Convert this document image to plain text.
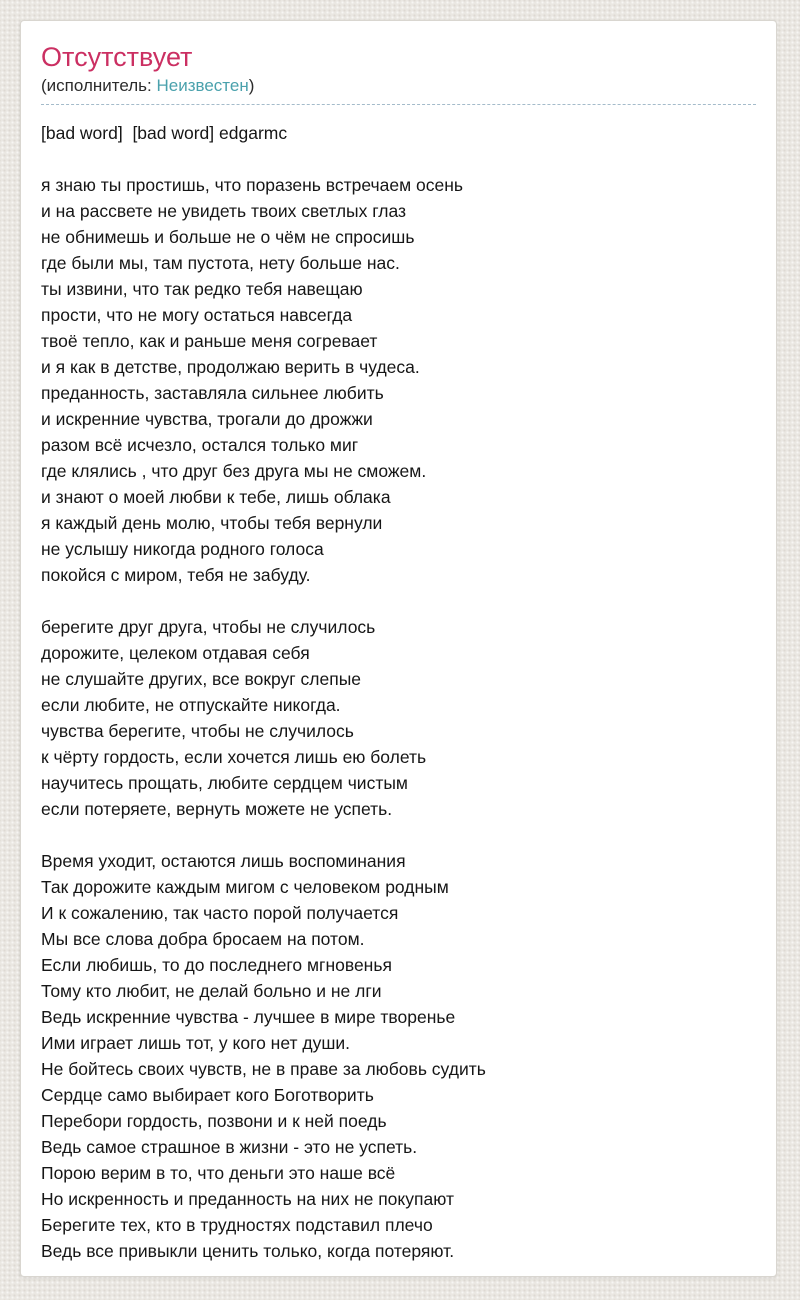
Отсутствует
(исполнитель: Неизвестен)
[bad word]  [bad word] edgarmc
я знаю ты простишь, что поразень встречаем осень
и на рассвете не увидеть твоих светлых глаз
не обнимешь и больше не о чём не спросишь
где были мы, там пустота, нету больше нас.
ты извини, что так редко тебя навещаю
прости, что не могу остаться навсегда
твоё тепло, как и раньше меня согревает
и я как в детстве, продолжаю верить в чудеса.
преданность, заставляла сильнее любить
и искренние чувства, трогали до дрожжи
разом всё исчезло, остался только миг
где клялись , что друг без друга мы не сможем.
и знают о моей любви к тебе, лишь облака
я каждый день молю, чтобы тебя вернули
не услышу никогда родного голоса
покойся с миром, тебя не забуду.
берегите друг друга, чтобы не случилось
дорожите, целеком отдавая себя
не слушайте других, все вокруг слепые
если любите, не отпускайте никогда.
чувства берегите, чтобы не случилось
к чёрту гордость, если хочется лишь ею болеть
научитесь прощать, любите сердцем чистым
если потеряете, вернуть можете не успеть.
Время уходит, остаются лишь воспоминания
Так дорожите каждым мигом с человеком родным
И к сожалению, так часто порой получается
Мы все слова добра бросаем на потом.
Если любишь, то до последнего мгновенья
Тому кто любит, не делай больно и не лги
Ведь искренние чувства - лучшее в мире творенье
Ими играет лишь тот, у кого нет души.
Не бойтесь своих чувств, не в праве за любовь судить
Сердце само выбирает кого Боготворить
Перебори гордость, позвони и к ней поедь
Ведь самое страшное в жизни - это не успеть.
Порою верим в то, что деньги это наше всё
Но искренность и преданность на них не покупают
Берегите тех, кто в трудностях подставил плечо
Ведь все привыкли ценить только, когда потеряют.
